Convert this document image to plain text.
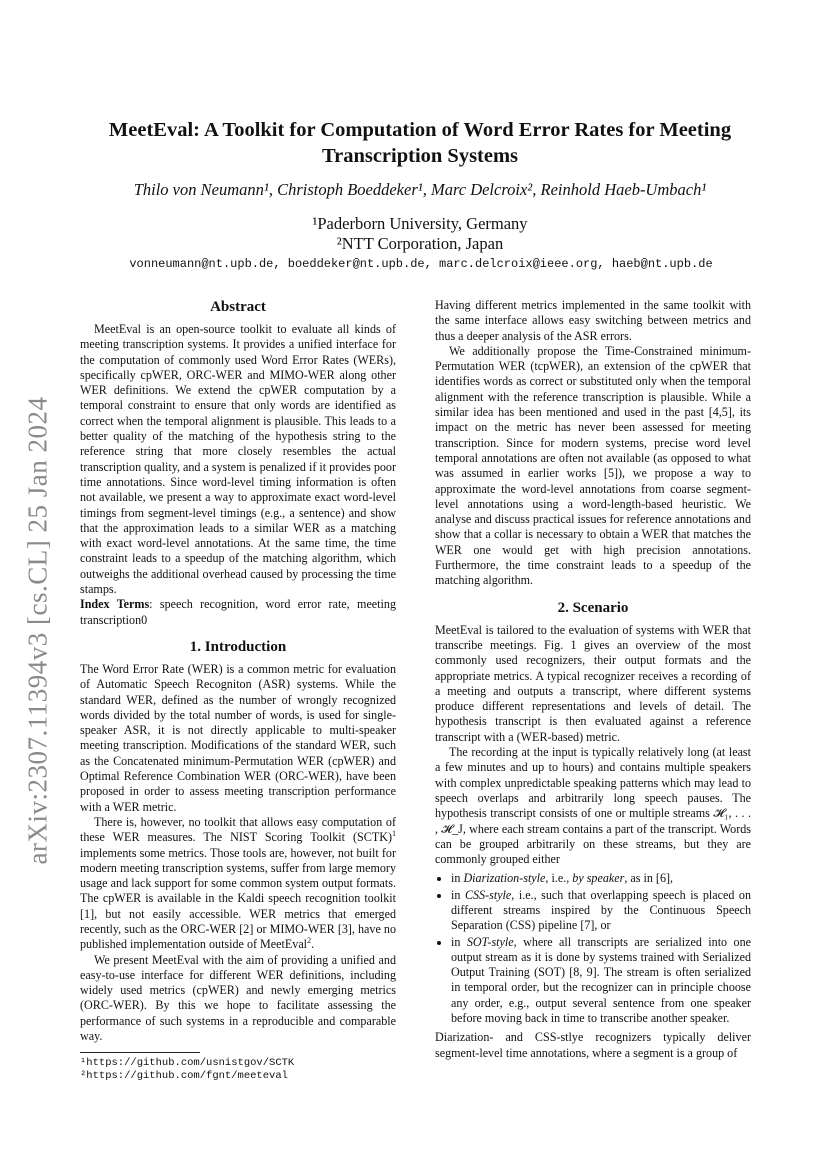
arXiv:2307.11394v3 [cs.CL] 25 Jan 2024
MeetEval: A Toolkit for Computation of Word Error Rates for Meeting
Transcription Systems
Thilo von Neumann¹, Christoph Boeddeker¹, Marc Delcroix², Reinhold Haeb-Umbach¹
¹Paderborn University, Germany
²NTT Corporation, Japan
vonneumann@nt.upb.de, boeddeker@nt.upb.de, marc.delcroix@ieee.org, haeb@nt.upb.de
Abstract

MeetEval is an open-source toolkit to evaluate all kinds of meeting transcription systems. It provides a unified interface for the computation of commonly used Word Error Rates (WERs), specifically cpWER, ORC-WER and MIMO-WER along other WER definitions. We extend the cpWER computation by a temporal constraint to ensure that only words are identified as correct when the temporal alignment is plausible. This leads to a better quality of the matching of the hypothesis string to the reference string that more closely resembles the actual transcription quality, and a system is penalized if it provides poor time annotations. Since word-level timing information is often not available, we present a way to approximate exact word-level timings from segment-level timings (e.g., a sentence) and show that the approximation leads to a similar WER as a matching with exact word-level annotations. At the same time, the time constraint leads to a speedup of the matching algorithm, which outweighs the additional overhead caused by processing the time stamps.

Index Terms: speech recognition, word error rate, meeting transcription0

1. Introduction

The Word Error Rate (WER) is a common metric for evaluation of Automatic Speech Recogniton (ASR) systems. While the standard WER, defined as the number of wrongly recognized words divided by the total number of words, is used for single-speaker ASR, it is not directly applicable to multi-speaker meeting transcription. Modifications of the standard WER, such as the Concatenated minimum-Permutation WER (cpWER) and Optimal Reference Combination WER (ORC-WER), have been proposed in order to assess meeting transcription performance with a WER metric.

There is, however, no toolkit that allows easy computation of these WER measures. The NIST Scoring Toolkit (SCTK)$^1$ implements some metrics. Those tools are, however, not built for modern meeting transcription systems, suffer from large memory usage and lack support for some common system output formats. The cpWER is available in the Kaldi speech recognition toolkit [1], but not easily accessible. WER metrics that emerged recently, such as the ORC-WER [2] or MIMO-WER [3], have no published implementation outside of MeetEval$^2$.

We present MeetEval with the aim of providing a unified and easy-to-use interface for different WER definitions, including widely used metrics (cpWER) and newly emerging metrics (ORC-WER). By this we hope to facilitate assessing the performance of such systems in a reproducible and comparable way.

¹https://github.com/usnistgov/SCTK
²https://github.com/fgnt/meeteval

Having different metrics implemented in the same toolkit with the same interface allows easy switching between metrics and thus a deeper analysis of the ASR errors.

We additionally propose the Time-Constrained minimum-Permutation WER (tcpWER), an extension of the cpWER that identifies words as correct or substituted only when the temporal alignment with the reference transcription is plausible. While a similar idea has been mentioned and used in the past [4,5], its impact on the metric has never been assessed for meeting transcription. Since for modern systems, precise word level temporal annotations are often not available (as opposed to what was assumed in earlier works [5]), we propose a way to approximate the word-level annotations from coarse segment-level annotations using a word-length-based heuristic. We analyse and discuss practical issues for reference annotations and show that a collar is necessary to obtain a WER that matches the WER one would get with high precision annotations. Furthermore, the time constraint leads to a speedup of the matching algorithm.

2. Scenario

MeetEval is tailored to the evaluation of systems with WER that transcribe meetings. Fig. 1 gives an overview of the most commonly used recognizers, their output formats and the appropriate metrics. A typical recognizer receives a recording of a meeting and outputs a transcript, where different systems produce different representations and levels of detail. The hypothesis transcript is then evaluated against a reference transcript with a (WER-based) metric.

The recording at the input is typically relatively long (at least a few minutes and up to hours) and contains multiple speakers with complex unpredictable speaking patterns which may lead to speech overlaps and arbitrarily long speech pauses. The hypothesis transcript consists of one or multiple streams 𝓗₁, . . . , 𝓗_J, where each stream contains a part of the transcript. Words can be grouped arbitrarily on these streams, but they are commonly grouped either

• in Diarization-style, i.e., by speaker, as in [6],
• in CSS-style, i.e., such that overlapping speech is placed on different streams inspired by the Continuous Speech Separation (CSS) pipeline [7], or
• in SOT-style, where all transcripts are serialized into one output stream as it is done by systems trained with Serialized Output Training (SOT) [8, 9]. The stream is often serialized in temporal order, but the recognizer can in principle choose any order, e.g., output several sentence from one speaker before moving back in time to transcribe another speaker.

Diarization- and CSS-stlye recognizers typically deliver segment-level time annotations, where a segment is a group of
